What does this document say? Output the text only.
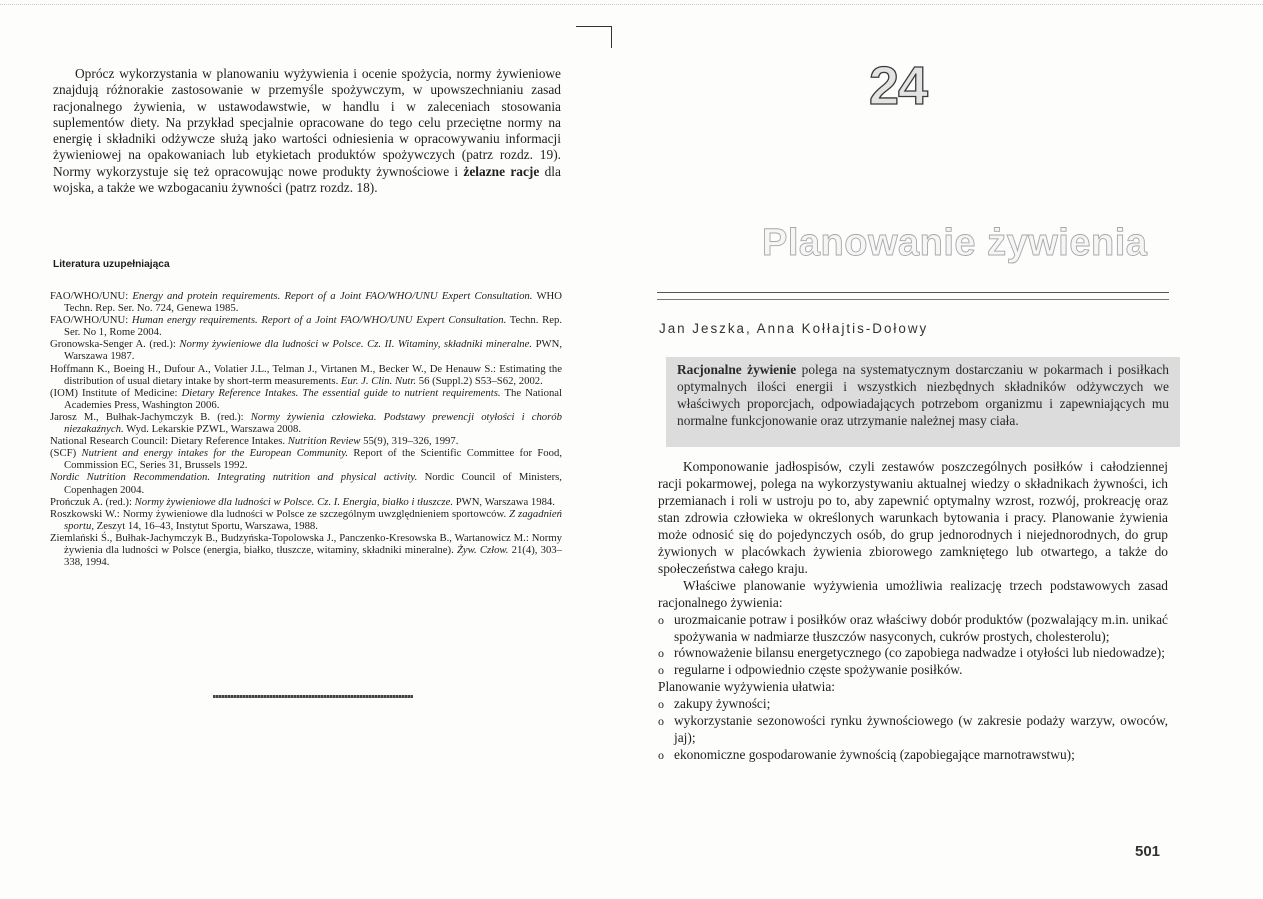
Oprócz wykorzystania w planowaniu wyżywienia i ocenie spożycia, normy żywieniowe znajdują różnorakie zastosowanie w przemyśle spożywczym, w upowszechnianiu zasad racjonalnego żywienia, w ustawodawstwie, w handlu i w zaleceniach stosowania suplementów diety. Na przykład specjalnie opracowane do tego celu przeciętne normy na energię i składniki odżywcze służą jako wartości odniesienia w opracowywaniu informacji żywieniowej na opakowaniach lub etykietach produktów spożywczych (patrz rozdz. 19). Normy wykorzystuje się też opracowując nowe produkty żywnościowe i żelazne racje dla wojska, a także we wzbogacaniu żywności (patrz rozdz. 18).

Literatura uzupełniająca
FAO/WHO/UNU: Energy and protein requirements. Report of a Joint FAO/WHO/UNU Expert Consultation. WHO Techn. Rep. Ser. No. 724, Genewa 1985.
FAO/WHO/UNU: Human energy requirements. Report of a Joint FAO/WHO/UNU Expert Consultation. Techn. Rep. Ser. No 1, Rome 2004.
Gronowska-Senger A. (red.): Normy żywieniowe dla ludności w Polsce. Cz. II. Witaminy, składniki mineralne. PWN, Warszawa 1987.
Hoffmann K., Boeing H., Dufour A., Volatier J.L., Telman J., Virtanen M., Becker W., De Henauw S.: Estimating the distribution of usual dietary intake by short-term measurements. Eur. J. Clin. Nutr. 56 (Suppl.2) S53–S62, 2002.
(IOM) Institute of Medicine: Dietary Reference Intakes. The essential guide to nutrient requirements. The National Academies Press, Washington 2006.
Jarosz M., Bułhak-Jachymczyk B. (red.): Normy żywienia człowieka. Podstawy prewencji otyłości i chorób niezakaźnych. Wyd. Lekarskie PZWL, Warszawa 2008.
National Research Council: Dietary Reference Intakes. Nutrition Review 55(9), 319–326, 1997.
(SCF) Nutrient and energy intakes for the European Community. Report of the Scientific Committee for Food, Commission EC, Series 31, Brussels 1992.
Nordic Nutrition Recommendation. Integrating nutrition and physical activity. Nordic Council of Ministers, Copenhagen 2004.
Prończuk A. (red.): Normy żywieniowe dla ludności w Polsce. Cz. I. Energia, białko i tłuszcze. PWN, Warszawa 1984.
Roszkowski W.: Normy żywieniowe dla ludności w Polsce ze szczególnym uwzględnieniem sportowców. Z zagadnień sportu, Zeszyt 14, 16–43, Instytut Sportu, Warszawa, 1988.
Ziemlański Ś., Bułhak-Jachymczyk B., Budzyńska-Topolowska J., Panczenko-Kresowska B., Wartanowicz M.: Normy żywienia dla ludności w Polsce (energia, białko, tłuszcze, witaminy, składniki mineralne). Żyw. Człow. 21(4), 303–338, 1994.
24
Planowanie żywienia
Jan Jeszka, Anna Kołłajtis-Dołowy

Racjonalne żywienie polega na systematycznym dostarczaniu w pokarmach i posiłkach optymalnych ilości energii i wszystkich niezbędnych składników odżywczych we właściwych proporcjach, odpowiadających potrzebom organizmu i zapewniających mu normalne funkcjonowanie oraz utrzymanie należnej masy ciała.

Komponowanie jadłospisów, czyli zestawów poszczególnych posiłków i całodziennej racji pokarmowej, polega na wykorzystywaniu aktualnej wiedzy o składnikach żywności, ich przemianach i roli w ustroju po to, aby zapewnić optymalny wzrost, rozwój, prokreację oraz stan zdrowia człowieka w określonych warunkach bytowania i pracy. Planowanie żywienia może odnosić się do pojedynczych osób, do grup jednorodnych i niejednorodnych, do grup żywionych w placówkach żywienia zbiorowego zamkniętego lub otwartego, a także do społeczeństwa całego kraju.

Właściwe planowanie wyżywienia umożliwia realizację trzech podstawowych zasad racjonalnego żywienia:

o urozmaicanie potraw i posiłków oraz właściwy dobór produktów (pozwalający m.in. unikać spożywania w nadmiarze tłuszczów nasyconych, cukrów prostych, cholesterolu);
o równoważenie bilansu energetycznego (co zapobiega nadwadze i otyłości lub niedowadze);
o regularne i odpowiednio częste spożywanie posiłków.

Planowanie wyżywienia ułatwia:

o zakupy żywności;
o wykorzystanie sezonowości rynku żywnościowego (w zakresie podaży warzyw, owoców, jaj);
o ekonomiczne gospodarowanie żywnością (zapobiegające marnotrawstwu);
501
